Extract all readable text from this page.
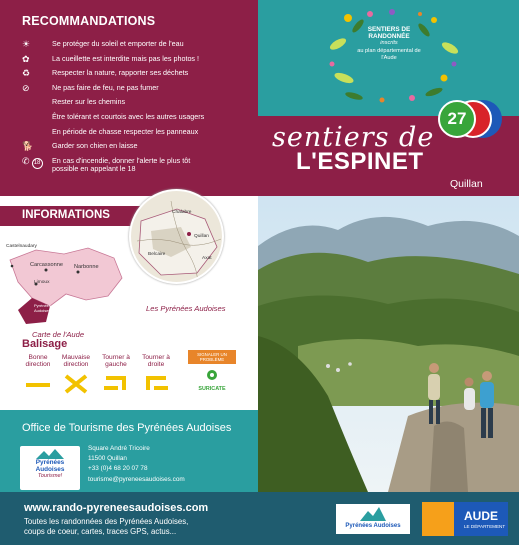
RECOMMANDATIONS
☀	Se protéger du soleil et emporter de l'eau
✿	La cueillette est interdite mais pas les photos !
♻	Respecter la nature, rapporter ses déchets
⊘	Ne pas faire de feu, ne pas fumer
Rester sur les chemins
Être tolérant et courtois avec les autres usagers
En période de chasse respecter les panneaux
🐕	Garder son chien en laisse
✆ 18	En cas d'incendie, donner l'alerte le plus tôt possible en appelant le 18
SENTIERS DE RANDONNÉE
inscrits
au plan départemental de l'Aude
27
sentiers de
L'ESPINET
Quillan
INFORMATIONS
Castelnaudary
Carcassonne Narbonne
Limoux
Pyrénées Audoises
Carte de l'Aude
Chalabre
Quillan
Belcaire
Axat
Les Pyrénées Audoises
Balisage
Bonne direction
Mauvaise direction
Tourner à gauche
Tourner à droite
SIGNALER UN PROBLÈME
SURICATE
Office de Tourisme des Pyrénées Audoises
Pyrénées
Audoises
Tourisme!
Square André Tricoire
11500 Quillan
+33 (0)4 68 20 07 78
tourisme@pyreneesaudoises.com
www.rando-pyreneesaudoises.com
Toutes les randonnées des Pyrénées Audoises,
coups de coeur, cartes, traces GPS, actus...
Pyrénées Audoises
AUDE
LE DÉPARTEMENT
